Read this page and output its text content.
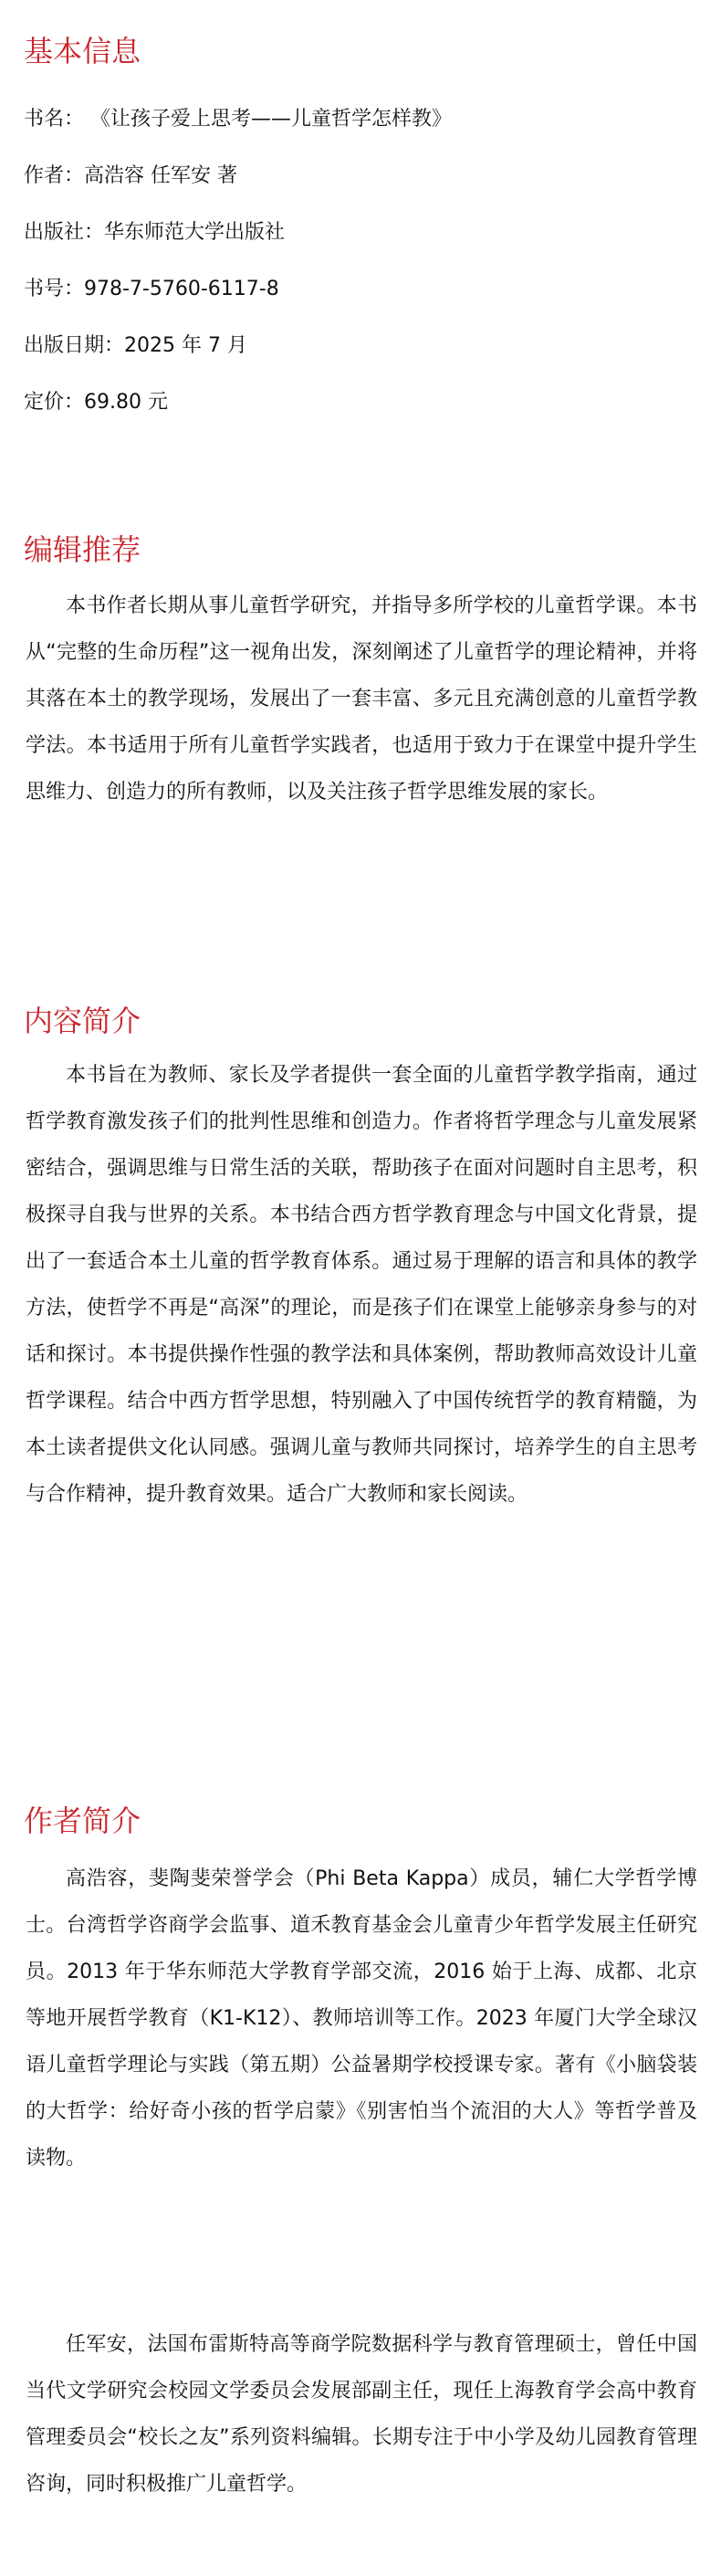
基本信息

书名： 《让孩子爱上思考——儿童哲学怎样教》

作者：高浩容 任军安 著

出版社：华东师范大学出版社

书号：978-7-5760-6117-8

出版日期：2025 年 7 月

定价：69.80 元

编辑推荐

本书作者长期从事儿童哲学研究，并指导多所学校的儿童哲学课。本书从“完整的生命历程”这一视角出发，深刻阐述了儿童哲学的理论精神，并将其落在本土的教学现场，发展出了一套丰富、多元且充满创意的儿童哲学教学法。本书适用于所有儿童哲学实践者，也适用于致力于在课堂中提升学生思维力、创造力的所有教师，以及关注孩子哲学思维发展的家长。

内容简介

本书旨在为教师、家长及学者提供一套全面的儿童哲学教学指南，通过哲学教育激发孩子们的批判性思维和创造力。作者将哲学理念与儿童发展紧密结合，强调思维与日常生活的关联，帮助孩子在面对问题时自主思考，积极探寻自我与世界的关系。本书结合西方哲学教育理念与中国文化背景，提出了一套适合本土儿童的哲学教育体系。通过易于理解的语言和具体的教学方法，使哲学不再是“高深”的理论，而是孩子们在课堂上能够亲身参与的对话和探讨。本书提供操作性强的教学法和具体案例，帮助教师高效设计儿童哲学课程。结合中西方哲学思想，特别融入了中国传统哲学的教育精髓，为本土读者提供文化认同感。强调儿童与教师共同探讨，培养学生的自主思考与合作精神，提升教育效果。适合广大教师和家长阅读。

作者简介

高浩容，斐陶斐荣誉学会（Phi Beta Kappa）成员，辅仁大学哲学博士。台湾哲学咨商学会监事、道禾教育基金会儿童青少年哲学发展主任研究员。2013 年于华东师范大学教育学部交流，2016 始于上海、成都、北京等地开展哲学教育（K1-K12）、教师培训等工作。2023 年厦门大学全球汉语儿童哲学理论与实践（第五期）公益暑期学校授课专家。著有《小脑袋装的大哲学：给好奇小孩的哲学启蒙》《别害怕当个流泪的大人》等哲学普及读物。

任军安，法国布雷斯特高等商学院数据科学与教育管理硕士，曾任中国当代文学研究会校园文学委员会发展部副主任，现任上海教育学会高中教育管理委员会“校长之友”系列资料编辑。长期专注于中小学及幼儿园教育管理咨询，同时积极推广儿童哲学。
